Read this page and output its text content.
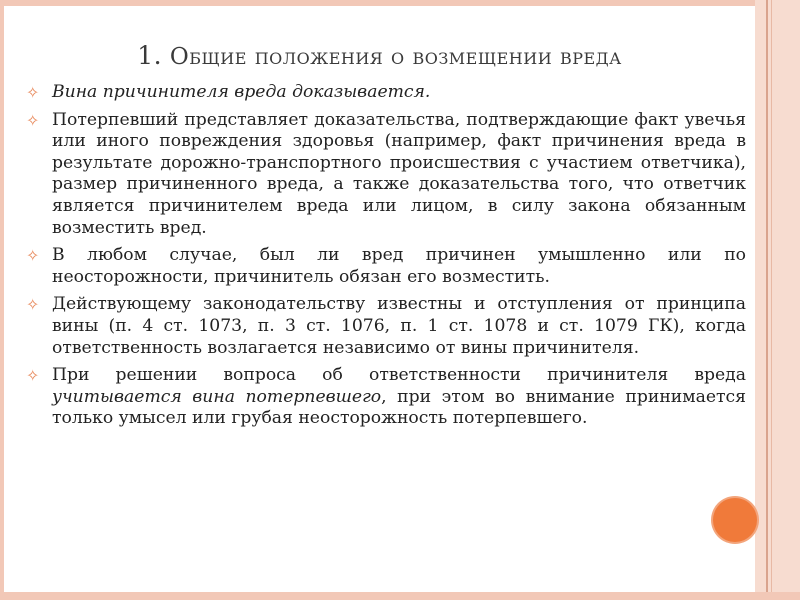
1. Общие положения о возмещении вреда
✧ Вина причинителя вреда доказывается.
✧ Потерпевший представляет доказательства, подтверждающие факт увечья или иного повреждения здоровья (например, факт причинения вреда в результате дорожно-транспортного происшествия с участием ответчика), размер причиненного вреда, а также доказательства того, что ответчик является причинителем вреда или лицом, в силу закона обязанным возместить вред.
✧ В любом случае, был ли вред причинен умышленно или по неосторожности, причинитель обязан его возместить.
✧ Действующему законодательству известны и отступления от принципа вины (п. 4 ст. 1073, п. 3 ст. 1076, п. 1 ст. 1078 и ст. 1079 ГК), когда ответственность возлагается независимо от вины причинителя.
✧ При решении вопроса об ответственности причинителя вреда учитывается вина потерпевшего, при этом во внимание принимается только умысел или грубая неосторожность потерпевшего.
